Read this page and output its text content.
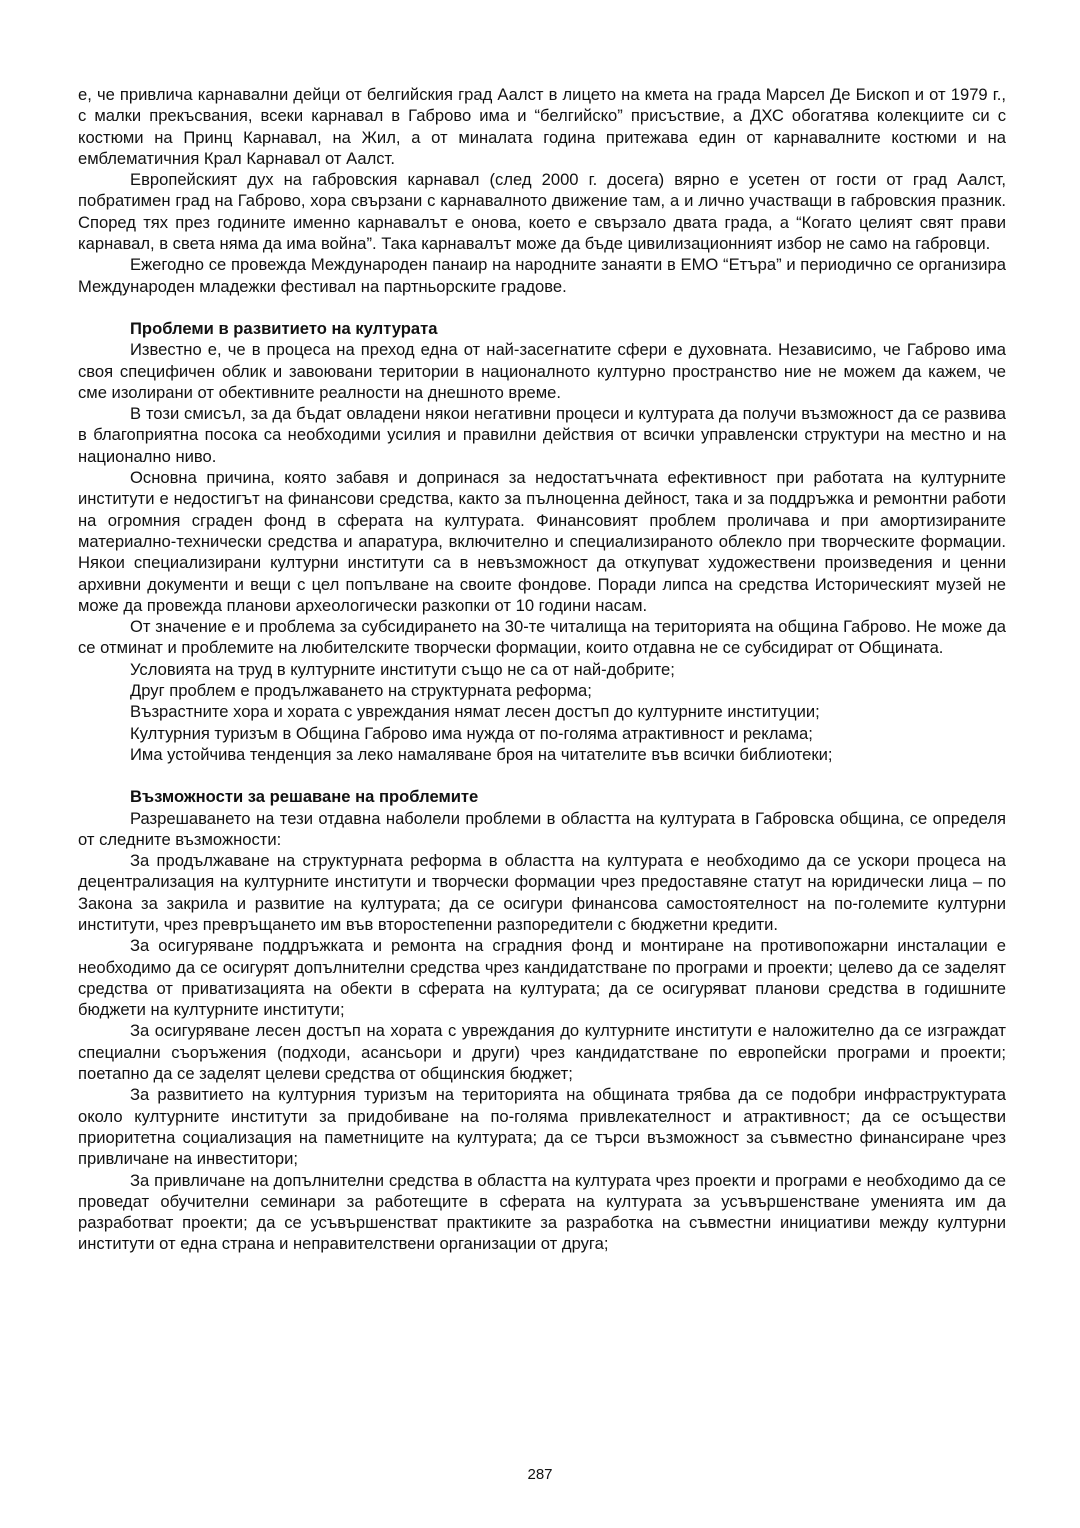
е, че привлича карнавални дейци от белгийския град Аалст в лицето на кмета на града Марсел Де Бископ и от 1979 г., с малки прекъсвания, всеки карнавал в Габрово има и “белгийско” присъствие, а ДХС обогатява колекциите си с костюми на Принц Карнавал, на Жил, а от миналата година притежава един от карнавалните костюми и на емблематичния Крал Карнавал от Аалст.

Европейският дух на габровския карнавал (след 2000 г. досега) вярно е усетен от гости от град Аалст, побратимен град на Габрово, хора свързани с карнавалното движение там, а и лично участващи в габровския празник. Според тях през годините именно карнавалът е онова, което е свързало двата града, а “Когато целият свят прави карнавал, в света няма да има война”. Така карнавалът може да бъде цивилизационният избор не само на габровци.

Ежегодно се провежда Международен панаир на народните занаяти в ЕМО “Етъра” и периодично се организира Международен младежки фестивал на партньорските градове.

Проблеми в развитието на културата

Известно е, че в процеса на преход една от най-засегнатите сфери е духовната. Независимо, че Габрово има своя специфичен облик и завоювани територии в националното културно пространство ние не можем да кажем, че сме изолирани от обективните реалности на днешното време.

В този смисъл, за да бъдат овладени някои негативни процеси и културата да получи възможност да се развива в благоприятна посока са необходими усилия и правилни действия от всички управленски структури на местно и на национално ниво.

Основна причина, която забавя и допринася за недостатъчната ефективност при работата на културните институти е недостигът на финансови средства, както за пълноценна дейност, така и за поддръжка и ремонтни работи на огромния сграден фонд в сферата на културата. Финансовият проблем проличава и при амортизираните материално-технически средства и апаратура, включително и специализираното облекло при творческите формации. Някои специализирани културни институти са в невъзможност да откупуват художествени произведения и ценни архивни документи и вещи с цел попълване на своите фондове. Поради липса на средства Историческият музей не може да провежда планови археологически разкопки от 10 години насам.

От значение е и проблема за субсидирането на 30-те читалища на територията на община Габрово. Не може да се отминат и проблемите на любителските творчески формации, които отдавна не се субсидират от Общината.

Условията на труд в културните институти също не са от най-добрите;

Друг проблем е продължаването на структурната реформа;

Възрастните хора и хората с увреждания нямат лесен достъп до културните институции;

Културния туризъм в Община Габрово има нужда от по-голяма атрактивност и реклама;

Има устойчива тенденция за леко намаляване броя на читателите във всички библиотеки;

Възможности за решаване на проблемите

Разрешаването на тези отдавна наболели проблеми в областта на културата в Габровска община, се определя от следните възможности:

За продължаване на структурната реформа в областта на културата е необходимо да се ускори процеса на децентрализация на културните институти и творчески формации чрез предоставяне статут на юридически лица – по Закона за закрила и развитие на културата; да се осигури финансова самостоятелност на по-големите културни институти, чрез превръщането им във второстепенни разпоредители с бюджетни кредити.

За осигуряване поддръжката и ремонта на сградния фонд и монтиране на противопожарни инсталации е необходимо да се осигурят допълнителни средства чрез кандидатстване по програми и проекти; целево да се заделят средства от приватизацията на обекти в сферата на културата; да се осигуряват планови средства в годишните бюджети на културните институти;

За осигуряване лесен достъп на хората с увреждания до културните институти е наложително да се изграждат специални съоръжения (подходи, асансьори и други) чрез кандидатстване по европейски програми и проекти; поетапно да се заделят целеви средства от общинския бюджет;

За развитието на културния туризъм на територията на общината трябва да се подобри инфраструктурата около културните институти за придобиване на по-голяма привлекателност и атрактивност; да се осъществи приоритетна социализация на паметниците на културата; да се търси възможност за съвместно финансиране чрез привличане на инвеститори;

За привличане на допълнителни средства в областта на културата чрез проекти и програми е необходимо да се проведат обучителни семинари за работещите в сферата на културата за усъвършенстване уменията им да разработват проекти; да се усъвършенстват практиките за разработка на съвместни инициативи между културни институти от една страна и неправителствени организации от друга;

287
